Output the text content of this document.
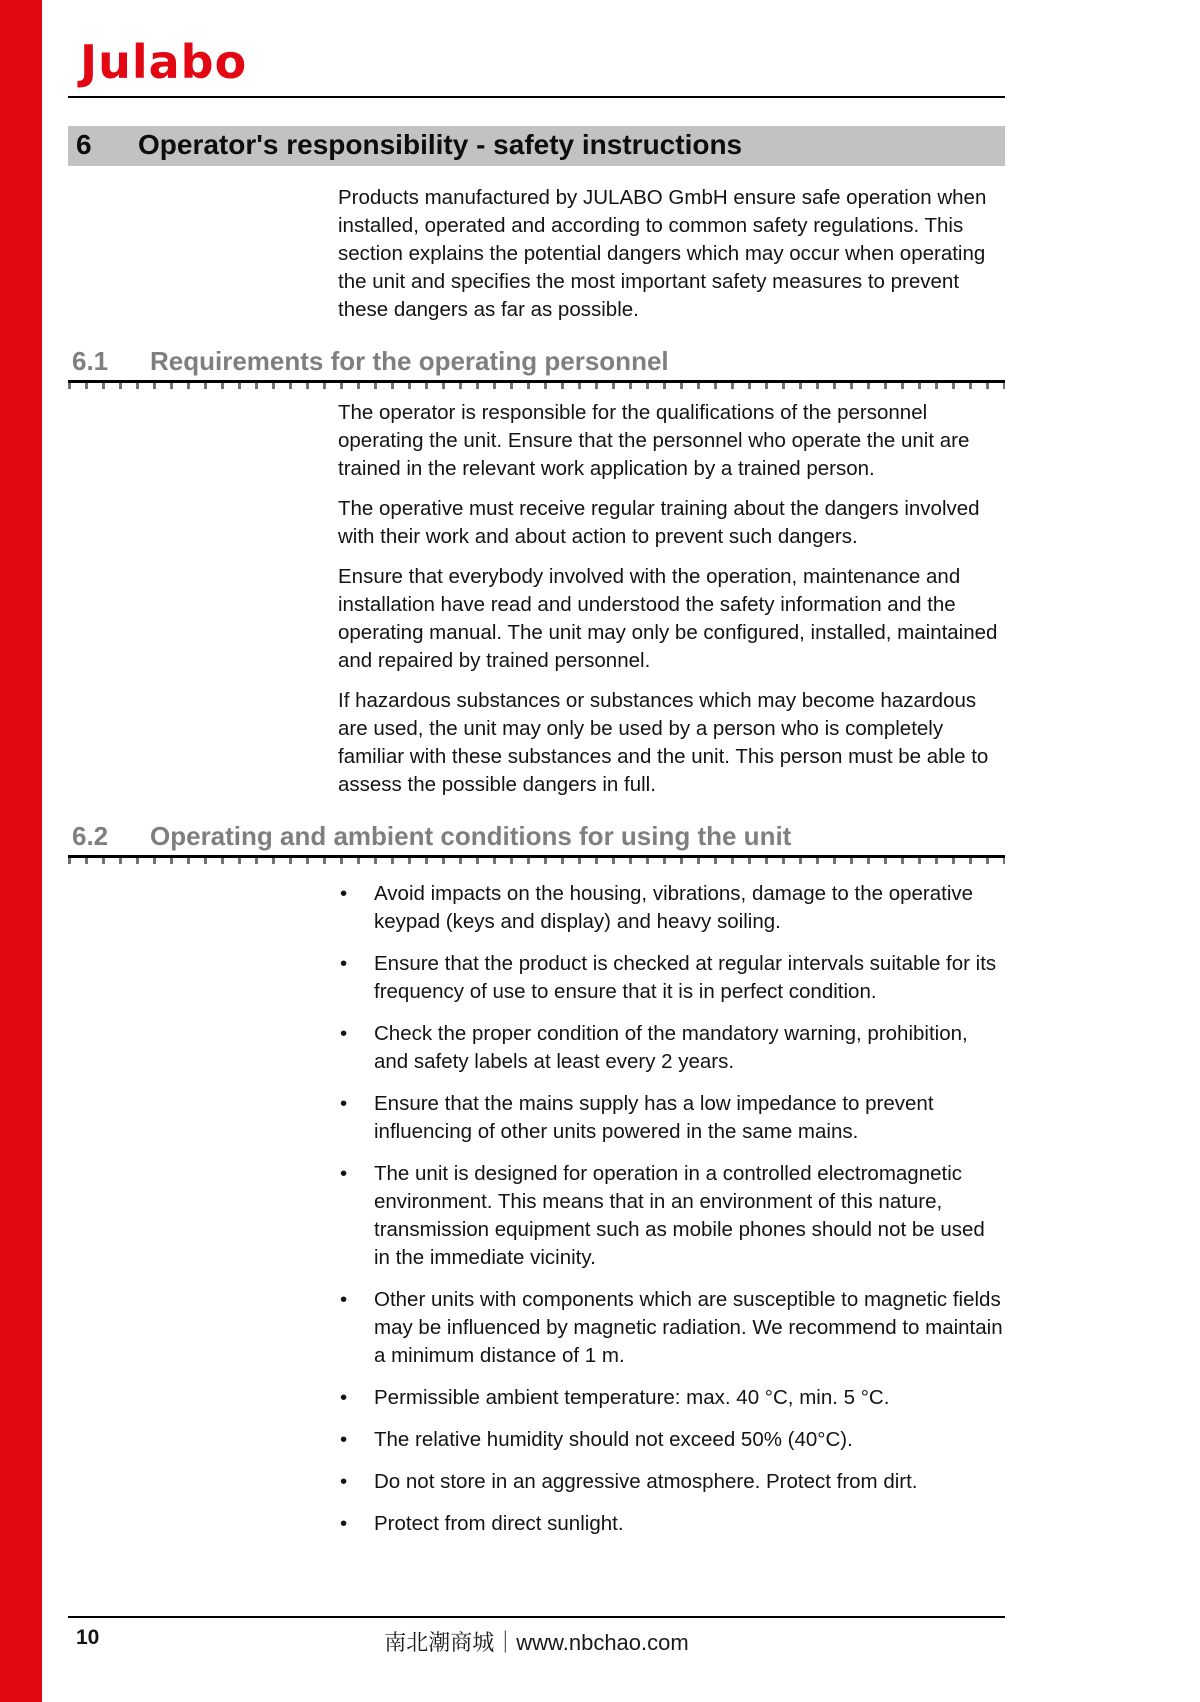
Julabo
6	Operator's responsibility - safety instructions

Products manufactured by JULABO GmbH ensure safe operation when installed, operated and according to common safety regulations. This section explains the potential dangers which may occur when operating the unit and specifies the most important safety measures to prevent these dangers as far as possible.

6.1	Requirements for the operating personnel

The operator is responsible for the qualifications of the personnel operating the unit. Ensure that the personnel who operate the unit are trained in the relevant work application by a trained person.

The operative must receive regular training about the dangers involved with their work and about action to prevent such dangers.

Ensure that everybody involved with the operation, maintenance and installation have read and understood the safety information and the operating manual. The unit may only be configured, installed, maintained and repaired by trained personnel.

If hazardous substances or substances which may become hazardous are used, the unit may only be used by a person who is completely familiar with these substances and the unit. This person must be able to assess the possible dangers in full.

6.2	Operating and ambient conditions for using the unit
• Avoid impacts on the housing, vibrations, damage to the operative keypad (keys and display) and heavy soiling.
• Ensure that the product is checked at regular intervals suitable for its frequency of use to ensure that it is in perfect condition.
• Check the proper condition of the mandatory warning, prohibition, and safety labels at least every 2 years.
• Ensure that the mains supply has a low impedance to prevent influencing of other units powered in the same mains.
• The unit is designed for operation in a controlled electromagnetic environment. This means that in an environment of this nature, transmission equipment such as mobile phones should not be used in the immediate vicinity.
• Other units with components which are susceptible to magnetic fields may be influenced by magnetic radiation. We recommend to maintain a minimum distance of 1 m.
• Permissible ambient temperature: max. 40 °C, min. 5 °C.
• The relative humidity should not exceed 50% (40°C).
• Do not store in an aggressive atmosphere. Protect from dirt.
• Protect from direct sunlight.
10	南北潮商城｜www.nbchao.com
